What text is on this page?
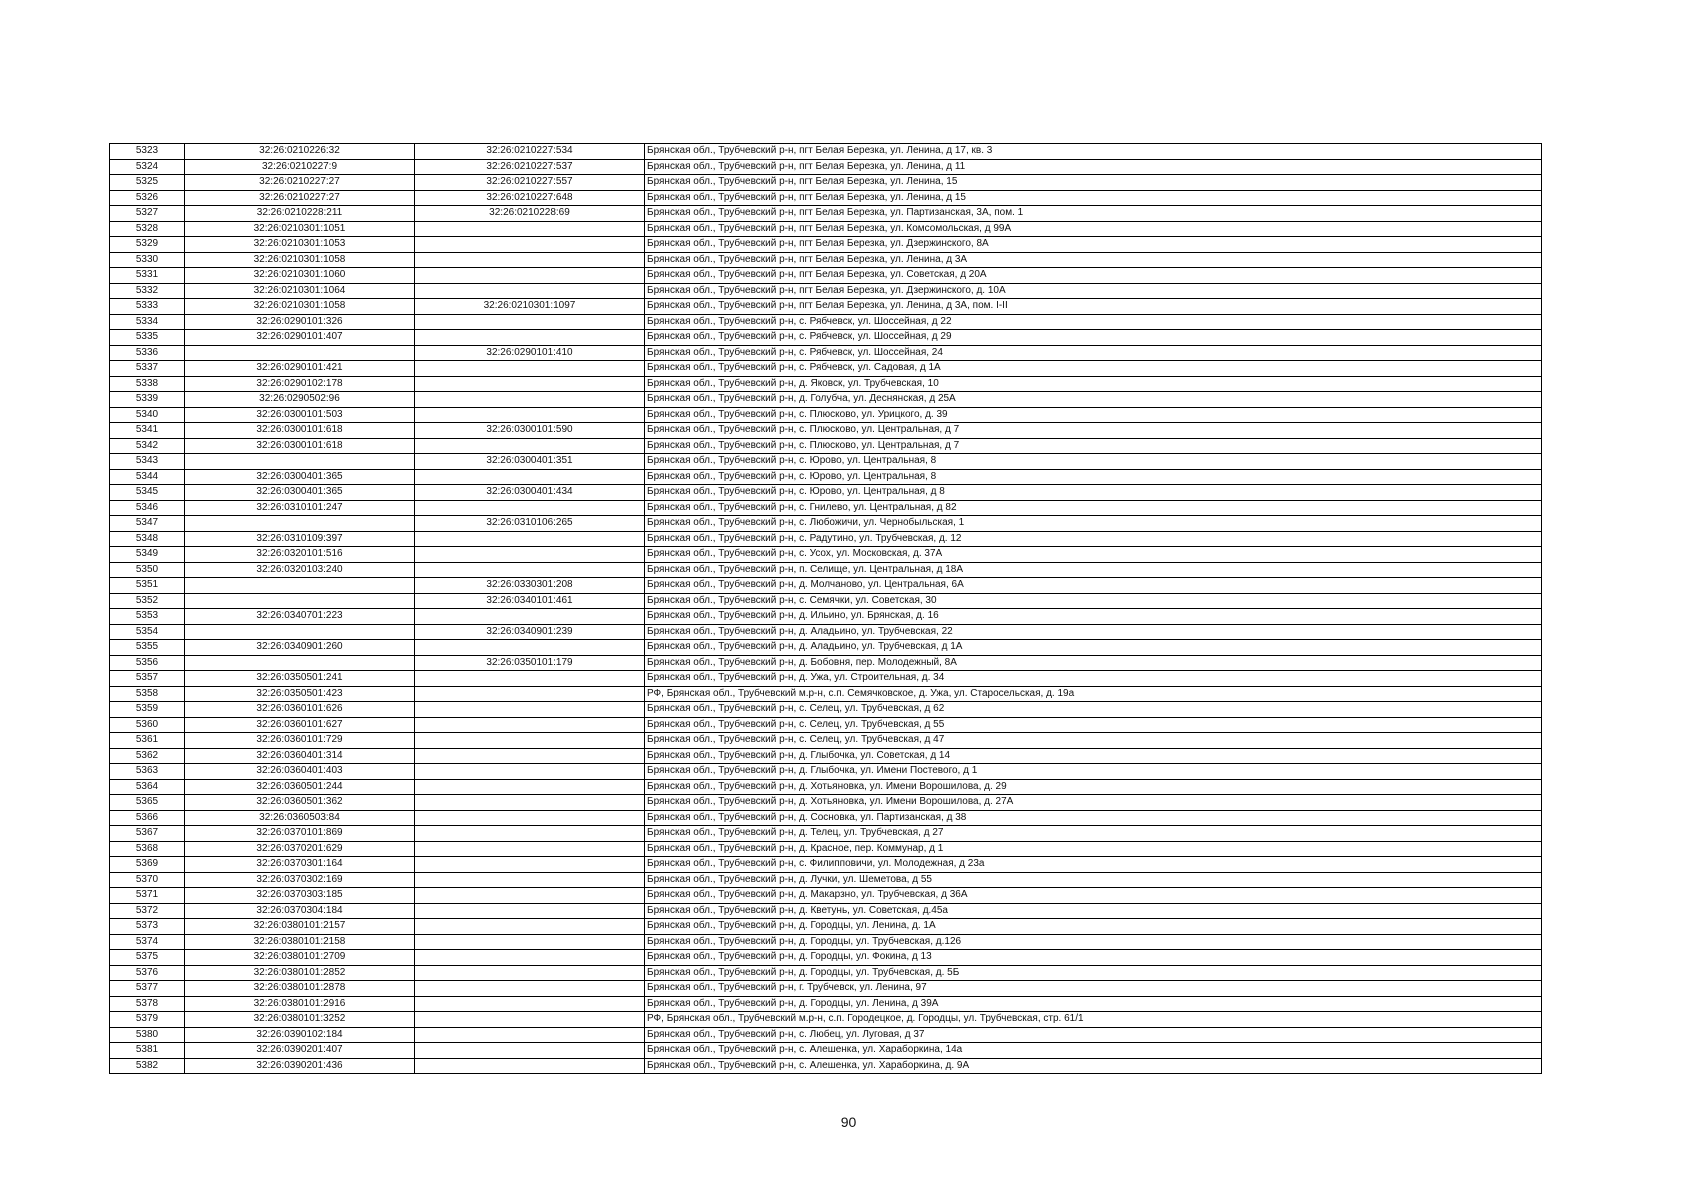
5323	32:26:0210226:32	32:26:0210227:534	Брянская обл., Трубчевский р-н, пгт Белая Березка, ул. Ленина, д 17, кв. 3
5324	32:26:0210227:9	32:26:0210227:537	Брянская обл., Трубчевский р-н, пгт Белая Березка, ул. Ленина, д 11
5325	32:26:0210227:27	32:26:0210227:557	Брянская обл., Трубчевский р-н, пгт Белая Березка, ул. Ленина, 15
5326	32:26:0210227:27	32:26:0210227:648	Брянская обл., Трубчевский р-н, пгт Белая Березка, ул. Ленина, д 15
5327	32:26:0210228:211	32:26:0210228:69	Брянская обл., Трубчевский р-н, пгт Белая Березка, ул. Партизанская, 3А, пом. 1
5328	32:26:0210301:1051		Брянская обл., Трубчевский р-н, пгт Белая Березка, ул. Комсомольская, д 99А
5329	32:26:0210301:1053		Брянская обл., Трубчевский р-н, пгт Белая Березка, ул. Дзержинского, 8А
5330	32:26:0210301:1058		Брянская обл., Трубчевский р-н, пгт Белая Березка, ул. Ленина, д 3А
5331	32:26:0210301:1060		Брянская обл., Трубчевский р-н, пгт Белая Березка, ул. Советская, д 20А
5332	32:26:0210301:1064		Брянская обл., Трубчевский р-н, пгт Белая Березка, ул. Дзержинского, д. 10А
5333	32:26:0210301:1058	32:26:0210301:1097	Брянская обл., Трубчевский р-н, пгт Белая Березка, ул. Ленина, д 3А, пом. I-II
5334	32:26:0290101:326		Брянская обл., Трубчевский р-н, с. Рябчевск, ул. Шоссейная, д 22
5335	32:26:0290101:407		Брянская обл., Трубчевский р-н, с. Рябчевск, ул. Шоссейная, д 29
5336		32:26:0290101:410	Брянская обл., Трубчевский р-н, с. Рябчевск, ул. Шоссейная, 24
5337	32:26:0290101:421		Брянская обл., Трубчевский р-н, с. Рябчевск, ул. Садовая, д 1А
5338	32:26:0290102:178		Брянская обл., Трубчевский р-н, д. Яковск, ул. Трубчевская, 10
5339	32:26:0290502:96		Брянская обл., Трубчевский р-н, д. Голубча, ул. Деснянская, д 25А
5340	32:26:0300101:503		Брянская обл., Трубчевский р-н, с. Плюсково, ул. Урицкого, д. 39
5341	32:26:0300101:618	32:26:0300101:590	Брянская обл., Трубчевский р-н, с. Плюсково, ул. Центральная, д 7
5342	32:26:0300101:618		Брянская обл., Трубчевский р-н, с. Плюсково, ул. Центральная, д 7
5343		32:26:0300401:351	Брянская обл., Трубчевский р-н, с. Юрово, ул. Центральная, 8
5344	32:26:0300401:365		Брянская обл., Трубчевский р-н, с. Юрово, ул. Центральная, 8
5345	32:26:0300401:365	32:26:0300401:434	Брянская обл., Трубчевский р-н, с. Юрово, ул. Центральная, д 8
5346	32:26:0310101:247		Брянская обл., Трубчевский р-н, с. Гнилево, ул. Центральная, д 82
5347		32:26:0310106:265	Брянская обл., Трубчевский р-н, с. Любожичи, ул. Чернобыльская, 1
5348	32:26:0310109:397		Брянская обл., Трубчевский р-н, с. Радутино, ул. Трубчевская, д. 12
5349	32:26:0320101:516		Брянская обл., Трубчевский р-н, с. Усох, ул. Московская, д. 37А
5350	32:26:0320103:240		Брянская обл., Трубчевский р-н, п. Селище, ул. Центральная, д 18А
5351		32:26:0330301:208	Брянская обл., Трубчевский р-н, д. Молчаново, ул. Центральная, 6А
5352		32:26:0340101:461	Брянская обл., Трубчевский р-н, с. Семячки, ул. Советская, 30
5353	32:26:0340701:223		Брянская обл., Трубчевский р-н, д. Ильино, ул. Брянская, д. 16
5354		32:26:0340901:239	Брянская обл., Трубчевский р-н, д. Аладьино, ул. Трубчевская, 22
5355	32:26:0340901:260		Брянская обл., Трубчевский р-н, д. Аладьино, ул. Трубчевская, д 1А
5356		32:26:0350101:179	Брянская обл., Трубчевский р-н, д. Бобовня, пер. Молодежный, 8А
5357	32:26:0350501:241		Брянская обл., Трубчевский р-н, д. Ужа, ул. Строительная, д. 34
5358	32:26:0350501:423		РФ, Брянская обл., Трубчевский м.р-н, с.п. Семячковское, д. Ужа, ул. Старосельская, д. 19а
5359	32:26:0360101:626		Брянская обл., Трубчевский р-н, с. Селец, ул. Трубчевская, д 62
5360	32:26:0360101:627		Брянская обл., Трубчевский р-н, с. Селец, ул. Трубчевская, д 55
5361	32:26:0360101:729		Брянская обл., Трубчевский р-н, с. Селец, ул. Трубчевская, д 47
5362	32:26:0360401:314		Брянская обл., Трубчевский р-н, д. Глыбочка, ул. Советская, д 14
5363	32:26:0360401:403		Брянская обл., Трубчевский р-н, д. Глыбочка, ул. Имени Постевого, д 1
5364	32:26:0360501:244		Брянская обл., Трубчевский р-н, д. Хотьяновка, ул. Имени Ворошилова, д. 29
5365	32:26:0360501:362		Брянская обл., Трубчевский р-н, д. Хотьяновка, ул. Имени Ворошилова, д. 27А
5366	32:26:0360503:84		Брянская обл., Трубчевский р-н, д. Сосновка, ул. Партизанская, д 38
5367	32:26:0370101:869		Брянская обл., Трубчевский р-н, д. Телец, ул. Трубчевская, д 27
5368	32:26:0370201:629		Брянская обл., Трубчевский р-н, д. Красное, пер. Коммунар, д 1
5369	32:26:0370301:164		Брянская обл., Трубчевский р-н, с. Филипповичи, ул. Молодежная, д 23а
5370	32:26:0370302:169		Брянская обл., Трубчевский р-н, д. Лучки, ул. Шеметова, д 55
5371	32:26:0370303:185		Брянская обл., Трубчевский р-н, д. Макарзно, ул. Трубчевская, д 36А
5372	32:26:0370304:184		Брянская обл., Трубчевский р-н, д. Кветунь, ул. Советская, д.45а
5373	32:26:0380101:2157		Брянская обл., Трубчевский р-н, д. Городцы, ул. Ленина, д. 1А
5374	32:26:0380101:2158		Брянская обл., Трубчевский р-н, д. Городцы, ул. Трубчевская, д.126
5375	32:26:0380101:2709		Брянская обл., Трубчевский р-н, д. Городцы, ул. Фокина, д 13
5376	32:26:0380101:2852		Брянская обл., Трубчевский р-н, д. Городцы, ул. Трубчевская, д. 5Б
5377	32:26:0380101:2878		Брянская обл., Трубчевский р-н, г. Трубчевск, ул. Ленина, 97
5378	32:26:0380101:2916		Брянская обл., Трубчевский р-н, д. Городцы, ул. Ленина, д 39А
5379	32:26:0380101:3252		РФ, Брянская обл., Трубчевский м.р-н, с.п. Городецкое, д. Городцы, ул. Трубчевская, стр. 61/1
5380	32:26:0390102:184		Брянская обл., Трубчевский р-н, с. Любец, ул. Луговая, д 37
5381	32:26:0390201:407		Брянская обл., Трубчевский р-н, с. Алешенка, ул. Хараборкина, 14а
5382	32:26:0390201:436		Брянская обл., Трубчевский р-н, с. Алешенка, ул. Хараборкина, д. 9А
90
